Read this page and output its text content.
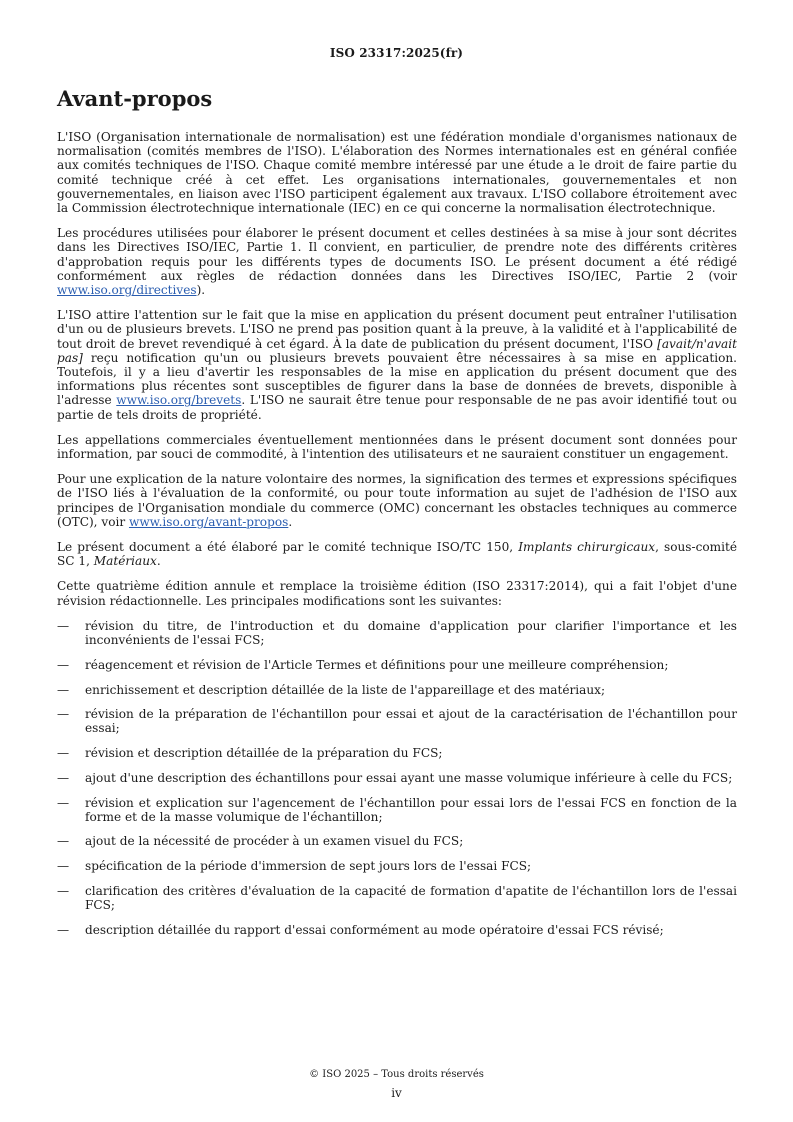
ISO 23317:2025(fr)
Avant-propos

L'ISO (Organisation internationale de normalisation) est une fédération mondiale d'organismes nationaux de normalisation (comités membres de l'ISO). L'élaboration des Normes internationales est en général confiée aux comités techniques de l'ISO. Chaque comité membre intéressé par une étude a le droit de faire partie du comité technique créé à cet effet. Les organisations internationales, gouvernementales et non gouvernementales, en liaison avec l'ISO participent également aux travaux. L'ISO collabore étroitement avec la Commission électrotechnique internationale (IEC) en ce qui concerne la normalisation électrotechnique.

Les procédures utilisées pour élaborer le présent document et celles destinées à sa mise à jour sont décrites dans les Directives ISO/IEC, Partie 1. Il convient, en particulier, de prendre note des différents critères d'approbation requis pour les différents types de documents ISO. Le présent document a été rédigé conformément aux règles de rédaction données dans les Directives ISO/IEC, Partie 2 (voir www.iso.org/directives).

L'ISO attire l'attention sur le fait que la mise en application du présent document peut entraîner l'utilisation d'un ou de plusieurs brevets. L'ISO ne prend pas position quant à la preuve, à la validité et à l'applicabilité de tout droit de brevet revendiqué à cet égard. À la date de publication du présent document, l'ISO [avait/n'avait pas] reçu notification qu'un ou plusieurs brevets pouvaient être nécessaires à sa mise en application. Toutefois, il y a lieu d'avertir les responsables de la mise en application du présent document que des informations plus récentes sont susceptibles de figurer dans la base de données de brevets, disponible à l'adresse www.iso.org/brevets. L'ISO ne saurait être tenue pour responsable de ne pas avoir identifié tout ou partie de tels droits de propriété.

Les appellations commerciales éventuellement mentionnées dans le présent document sont données pour information, par souci de commodité, à l'intention des utilisateurs et ne sauraient constituer un engagement.

Pour une explication de la nature volontaire des normes, la signification des termes et expressions spécifiques de l'ISO liés à l'évaluation de la conformité, ou pour toute information au sujet de l'adhésion de l'ISO aux principes de l'Organisation mondiale du commerce (OMC) concernant les obstacles techniques au commerce (OTC), voir www.iso.org/avant-propos.

Le présent document a été élaboré par le comité technique ISO/TC 150, Implants chirurgicaux, sous-comité SC 1, Matériaux.

Cette quatrième édition annule et remplace la troisième édition (ISO 23317:2014), qui a fait l'objet d'une révision rédactionnelle. Les principales modifications sont les suivantes:

— révision du titre, de l'introduction et du domaine d'application pour clarifier l'importance et les inconvénients de l'essai FCS;
— réagencement et révision de l'Article Termes et définitions pour une meilleure compréhension;
— enrichissement et description détaillée de la liste de l'appareillage et des matériaux;
— révision de la préparation de l'échantillon pour essai et ajout de la caractérisation de l'échantillon pour essai;
— révision et description détaillée de la préparation du FCS;
— ajout d'une description des échantillons pour essai ayant une masse volumique inférieure à celle du FCS;
— révision et explication sur l'agencement de l'échantillon pour essai lors de l'essai FCS en fonction de la forme et de la masse volumique de l'échantillon;
— ajout de la nécessité de procéder à un examen visuel du FCS;
— spécification de la période d'immersion de sept jours lors de l'essai FCS;
— clarification des critères d'évaluation de la capacité de formation d'apatite de l'échantillon lors de l'essai FCS;
— description détaillée du rapport d'essai conformément au mode opératoire d'essai FCS révisé;
© ISO 2025 – Tous droits réservés
iv
